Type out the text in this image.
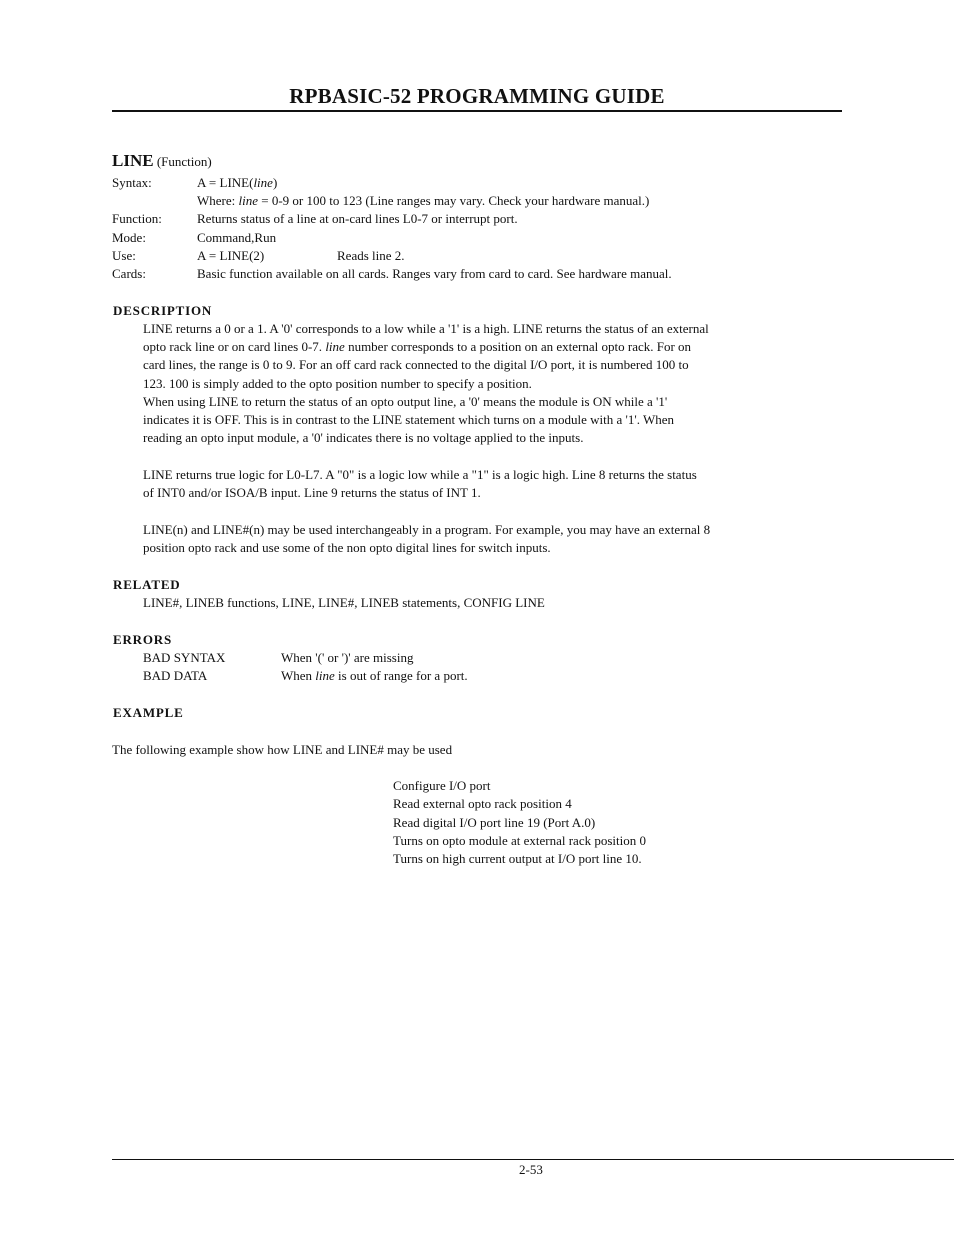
RPBASIC-52 PROGRAMMING GUIDE
LINE (Function)
Syntax:	A = LINE(line)
Where: line = 0-9 or 100 to 123 (Line ranges may vary. Check your hardware manual.)
Function:	Returns status of a line at on-card lines L0-7 or interrupt port.
Mode:	Command,Run
Use:	A = LINE(2)	Reads line 2.
Cards:	Basic function available on all cards. Ranges vary from card to card. See hardware manual.
DESCRIPTION
LINE returns a 0 or a 1. A '0' corresponds to a low while a '1' is a high. LINE returns the status of an external
opto rack line or on card lines 0-7. line number corresponds to a position on an external opto rack. For on
card lines, the range is 0 to 9. For an off card rack connected to the digital I/O port, it is numbered 100 to
123. 100 is simply added to the opto position number to specify a position.
When using LINE to return the status of an opto output line, a '0' means the module is ON while a '1'
indicates it is OFF. This is in contrast to the LINE statement which turns on a module with a '1'. When
reading an opto input module, a '0' indicates there is no voltage applied to the inputs.
LINE returns true logic for L0-L7. A "0" is a logic low while a "1" is a logic high. Line 8 returns the status
of INT0 and/or ISOA/B input. Line 9 returns the status of INT 1.
LINE(n) and LINE#(n) may be used interchangeably in a program. For example, you may have an external 8
position opto rack and use some of the non opto digital lines for switch inputs.
RELATED
LINE#, LINEB functions, LINE, LINE#, LINEB statements, CONFIG LINE
ERRORS
BAD SYNTAX	When '(' or ')' are missing
BAD DATA	When line is out of range for a port.
EXAMPLE
The following example show how LINE and LINE# may be used
Configure I/O port
Read external opto rack position 4
Read digital I/O port line 19 (Port A.0)
Turns on opto module at external rack position 0
Turns on high current output at I/O port line 10.
2-53
